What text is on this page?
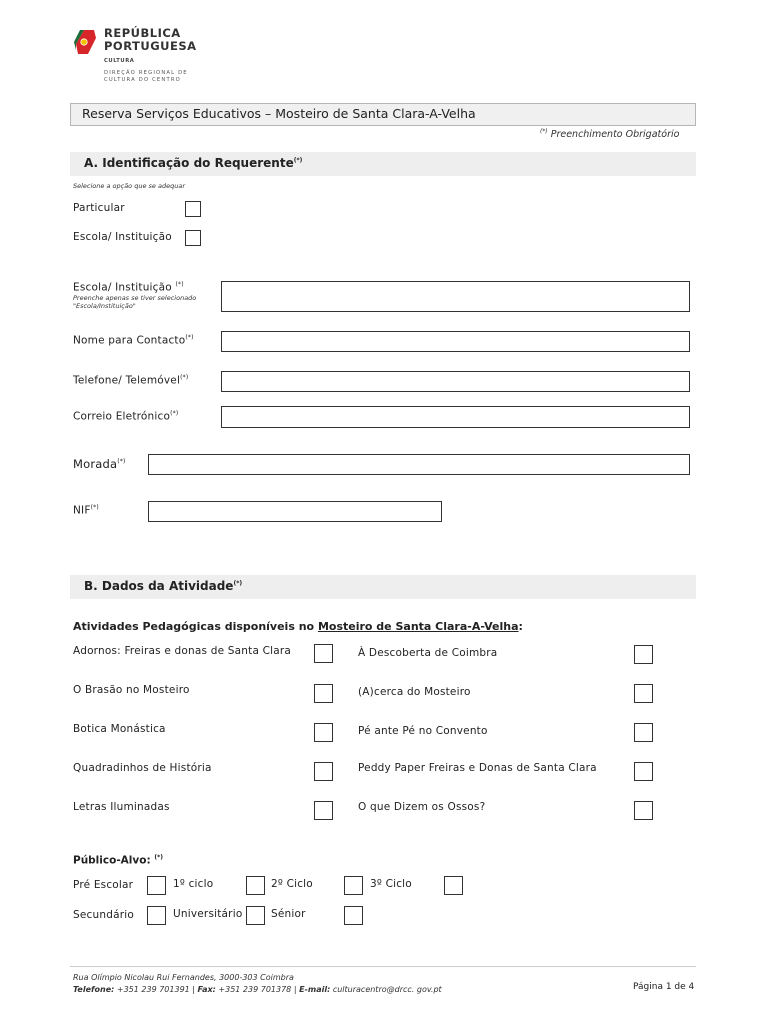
REPÚBLICA
PORTUGUESA
CULTURA
DIREÇÃO REGIONAL DE
CULTURA DO CENTRO
Reserva Serviços Educativos – Mosteiro de Santa Clara-A-Velha
(*) Preenchimento Obrigatório
A. Identificação do Requerente(*)
Selecione a opção que se adequar
Particular
Escola/ Instituição
Escola/ Instituição (*)
Preenche apenas se tiver selecionado
"Escola/Instituição"
Nome para Contacto(*)
Telefone/ Telemóvel(*)
Correio Eletrónico(*)
Morada(*)
NIF(*)
B. Dados da Atividade(*)
Atividades Pedagógicas disponíveis no Mosteiro de Santa Clara-A-Velha:
Adornos: Freiras e donas de Santa Clara	À Descoberta de Coimbra
O Brasão no Mosteiro	(A)cerca do Mosteiro
Botica Monástica	Pé ante Pé no Convento
Quadradinhos de História	Peddy Paper Freiras e Donas de Santa Clara
Letras Iluminadas	O que Dizem os Ossos?
Público-Alvo: (*)
Pré Escolar	1º ciclo	2º Ciclo	3º Ciclo
Secundário	Universitário	Sénior
Rua Olímpio Nicolau Rui Fernandes, 3000-303 Coimbra
Telefone: +351 239 701391 | Fax: +351 239 701378 | E-mail: culturacentro@drcc. gov.pt	Página 1 de 4
